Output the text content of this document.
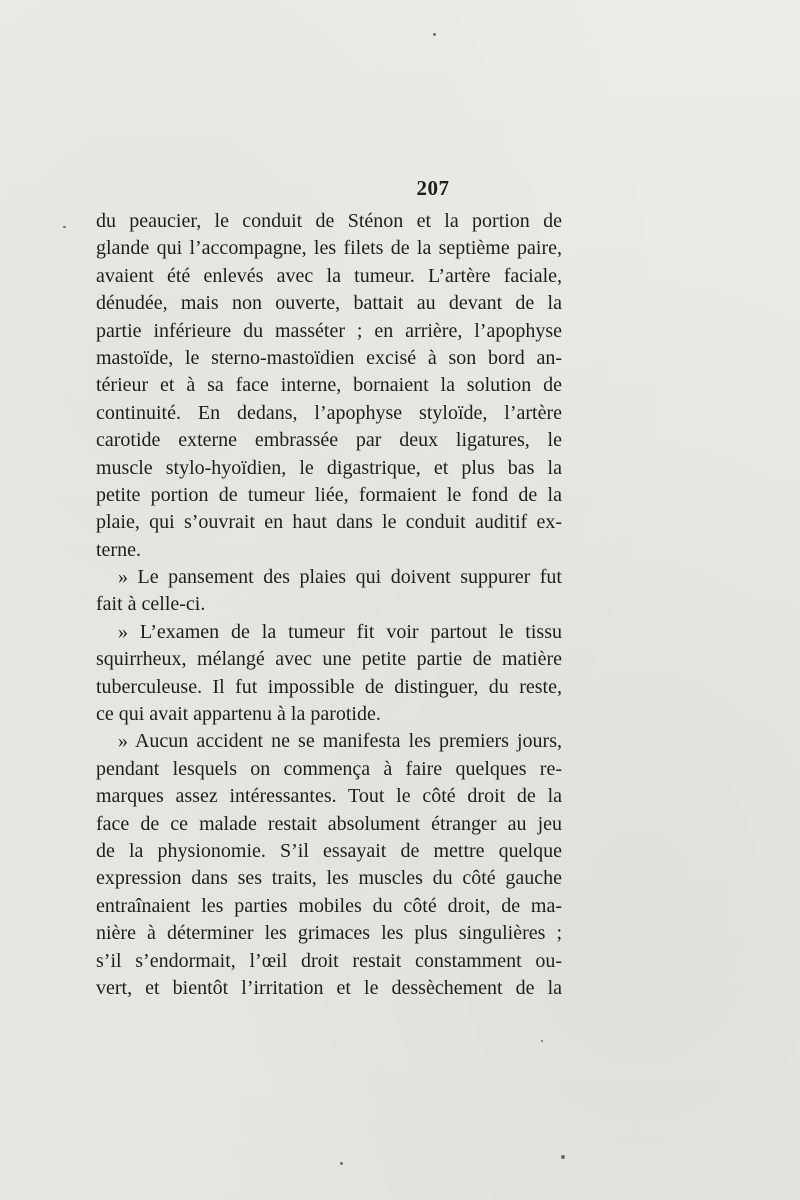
207
du peaucier, le conduit de Sténon et la portion de
glande qui l’accompagne, les filets de la septième paire,
avaient été enlevés avec la tumeur. L’artère faciale,
dénudée, mais non ouverte, battait au devant de la
partie inférieure du masséter ; en arrière, l’apophyse
mastoïde, le sterno-mastoïdien excisé à son bord an-
térieur et à sa face interne, bornaient la solution de
continuité. En dedans, l’apophyse styloïde, l’artère
carotide externe embrassée par deux ligatures, le
muscle stylo-hyoïdien, le digastrique, et plus bas la
petite portion de tumeur liée, formaient le fond de la
plaie, qui s’ouvrait en haut dans le conduit auditif ex-
terne.
» Le pansement des plaies qui doivent suppurer fut
fait à celle-ci.
» L’examen de la tumeur fit voir partout le tissu
squirrheux, mélangé avec une petite partie de matière
tuberculeuse. Il fut impossible de distinguer, du reste,
ce qui avait appartenu à la parotide.
» Aucun accident ne se manifesta les premiers jours,
pendant lesquels on commença à faire quelques re-
marques assez intéressantes. Tout le côté droit de la
face de ce malade restait absolument étranger au jeu
de la physionomie. S’il essayait de mettre quelque
expression dans ses traits, les muscles du côté gauche
entraînaient les parties mobiles du côté droit, de ma-
nière à déterminer les grimaces les plus singulières ;
s’il s’endormait, l’œil droit restait constamment ou-
vert, et bientôt l’irritation et le dessèchement de la
